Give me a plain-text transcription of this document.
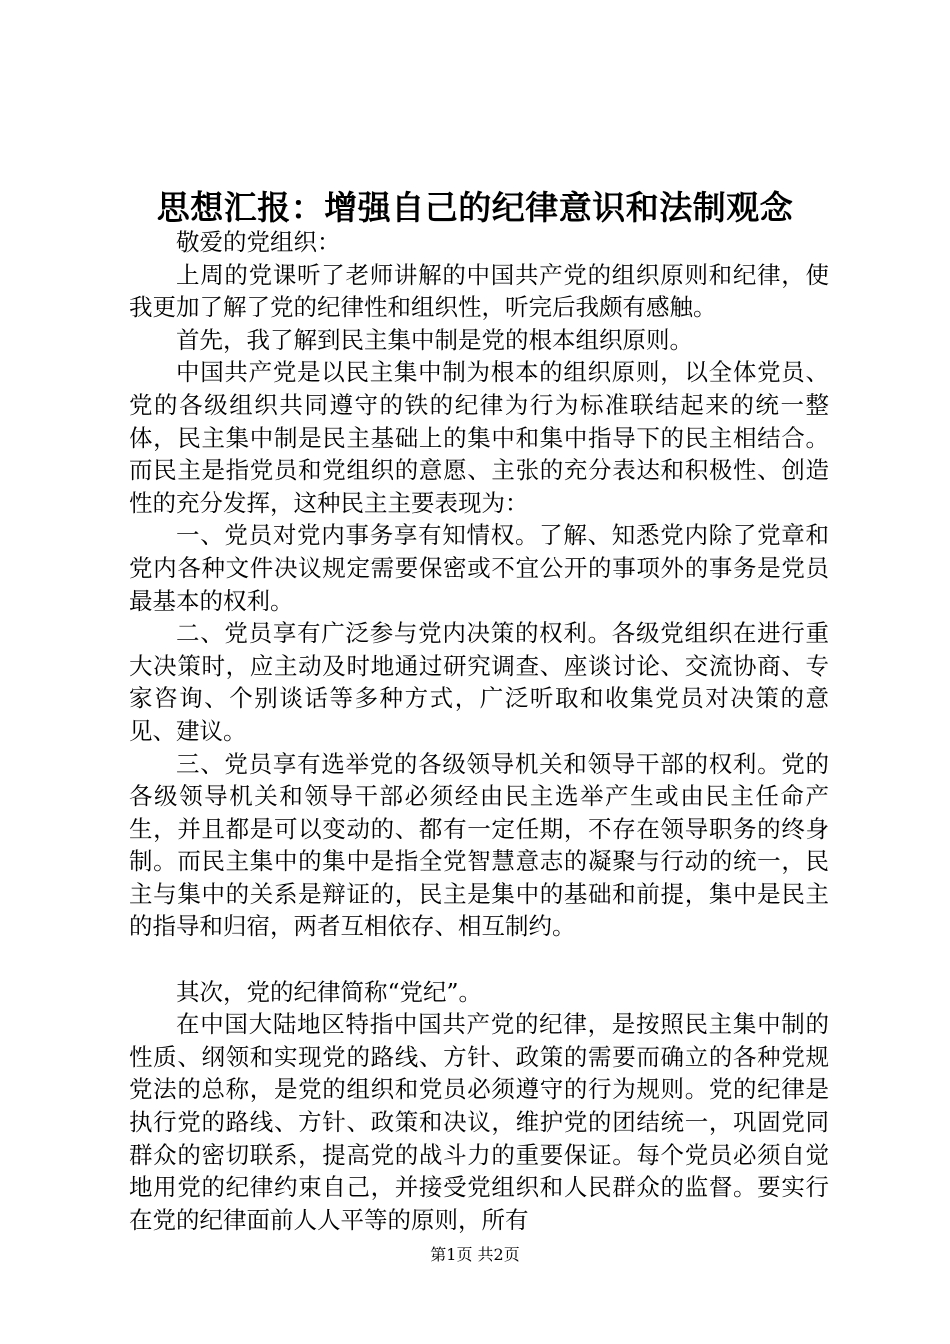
思想汇报：增强自己的纪律意识和法制观念

敬爱的党组织：

上周的党课听了老师讲解的中国共产党的组织原则和纪律，使我更加了解了党的纪律性和组织性，听完后我颇有感触。

首先，我了解到民主集中制是党的根本组织原则。

中国共产党是以民主集中制为根本的组织原则，以全体党员、党的各级组织共同遵守的铁的纪律为行为标准联结起来的统一整体，民主集中制是民主基础上的集中和集中指导下的民主相结合。而民主是指党员和党组织的意愿、主张的充分表达和积极性、创造性的充分发挥，这种民主主要表现为：

一、党员对党内事务享有知情权。了解、知悉党内除了党章和党内各种文件决议规定需要保密或不宜公开的事项外的事务是党员最基本的权利。

二、党员享有广泛参与党内决策的权利。各级党组织在进行重大决策时，应主动及时地通过研究调查、座谈讨论、交流协商、专家咨询、个别谈话等多种方式，广泛听取和收集党员对决策的意见、建议。

三、党员享有选举党的各级领导机关和领导干部的权利。党的各级领导机关和领导干部必须经由民主选举产生或由民主任命产生，并且都是可以变动的、都有一定任期，不存在领导职务的终身制。而民主集中的集中是指全党智慧意志的凝聚与行动的统一，民主与集中的关系是辩证的，民主是集中的基础和前提，集中是民主的指导和归宿，两者互相依存、相互制约。

其次，党的纪律简称“党纪”。

在中国大陆地区特指中国共产党的纪律，是按照民主集中制的性质、纲领和实现党的路线、方针、政策的需要而确立的各种党规党法的总称，是党的组织和党员必须遵守的行为规则。党的纪律是执行党的路线、方针、政策和决议，维护党的团结统一，巩固党同群众的密切联系，提高党的战斗力的重要保证。每个党员必须自觉地用党的纪律约束自己，并接受党组织和人民群众的监督。要实行在党的纪律面前人人平等的原则，所有

第1页 共2页
